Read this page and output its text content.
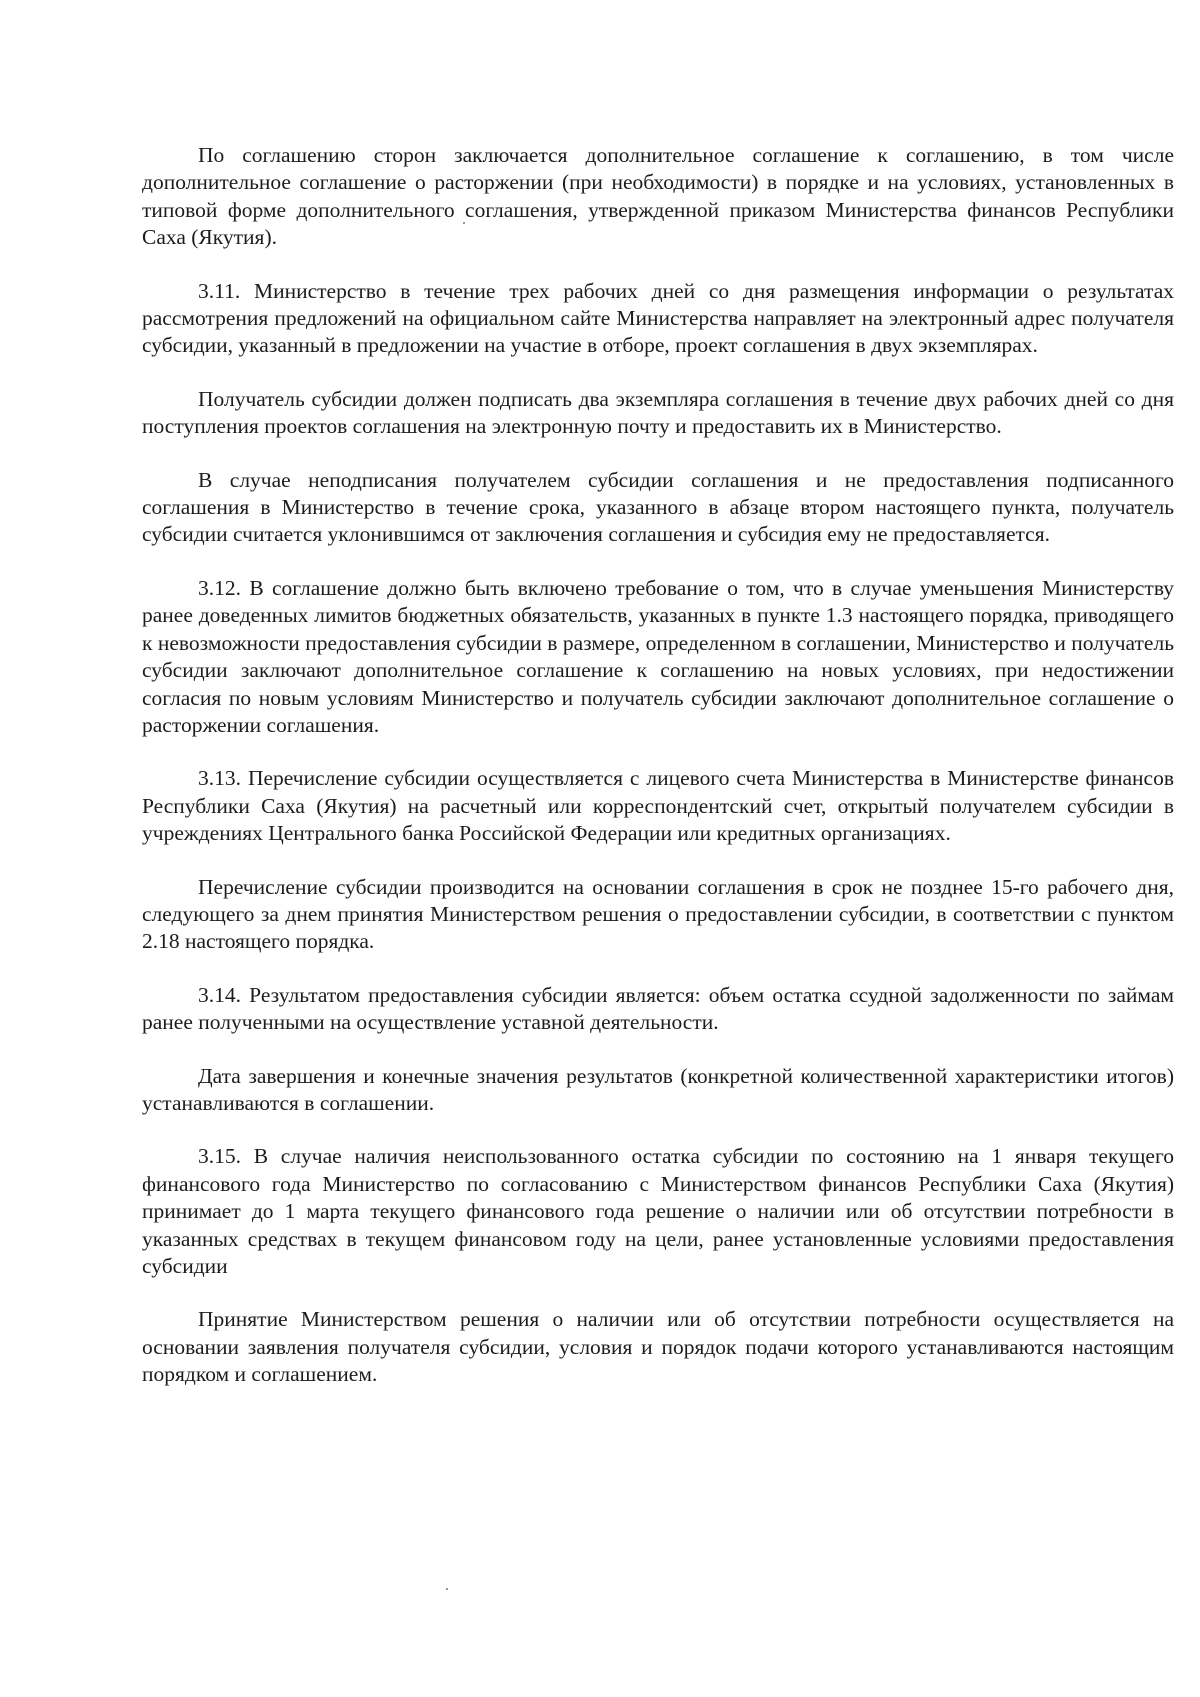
По соглашению сторон заключается дополнительное соглашение к соглашению, в том числе дополнительное соглашение о расторжении (при необходимости) в порядке и на условиях, установленных в типовой форме дополнительного соглашения, утвержденной приказом Министерства финансов Республики Саха (Якутия).

3.11. Министерство в течение трех рабочих дней со дня размещения информации о результатах рассмотрения предложений на официальном сайте Министерства направляет на электронный адрес получателя субсидии, указанный в предложении на участие в отборе, проект соглашения в двух экземплярах.

Получатель субсидии должен подписать два экземпляра соглашения в течение двух рабочих дней со дня поступления проектов соглашения на электронную почту и предоставить их в Министерство.

В случае неподписания получателем субсидии соглашения и не предоставления подписанного соглашения в Министерство в течение срока, указанного в абзаце втором настоящего пункта, получатель субсидии считается уклонившимся от заключения соглашения и субсидия ему не предоставляется.

3.12. В соглашение должно быть включено требование о том, что в случае уменьшения Министерству ранее доведенных лимитов бюджетных обязательств, указанных в пункте 1.3 настоящего порядка, приводящего к невозможности предоставления субсидии в размере, определенном в соглашении, Министерство и получатель субсидии заключают дополнительное соглашение к соглашению на новых условиях, при недостижении согласия по новым условиям Министерство и получатель субсидии заключают дополнительное соглашение о расторжении соглашения.

3.13. Перечисление субсидии осуществляется с лицевого счета Министерства в Министерстве финансов Республики Саха (Якутия) на расчетный или корреспондентский счет, открытый получателем субсидии в учреждениях Центрального банка Российской Федерации или кредитных организациях.

Перечисление субсидии производится на основании соглашения в срок не позднее 15-го рабочего дня, следующего за днем принятия Министерством решения о предоставлении субсидии, в соответствии с пунктом 2.18 настоящего порядка.

3.14. Результатом предоставления субсидии является: объем остатка ссудной задолженности по займам ранее полученными на осуществление уставной деятельности.

Дата завершения и конечные значения результатов (конкретной количественной характеристики итогов) устанавливаются в соглашении.

3.15. В случае наличия неиспользованного остатка субсидии по состоянию на 1 января текущего финансового года Министерство по согласованию с Министерством финансов Республики Саха (Якутия) принимает до 1 марта текущего финансового года решение о наличии или об отсутствии потребности в указанных средствах в текущем финансовом году на цели, ранее установленные условиями предоставления субсидии

Принятие Министерством решения о наличии или об отсутствии потребности осуществляется на основании заявления получателя субсидии, условия и порядок подачи которого устанавливаются настоящим порядком и соглашением.
